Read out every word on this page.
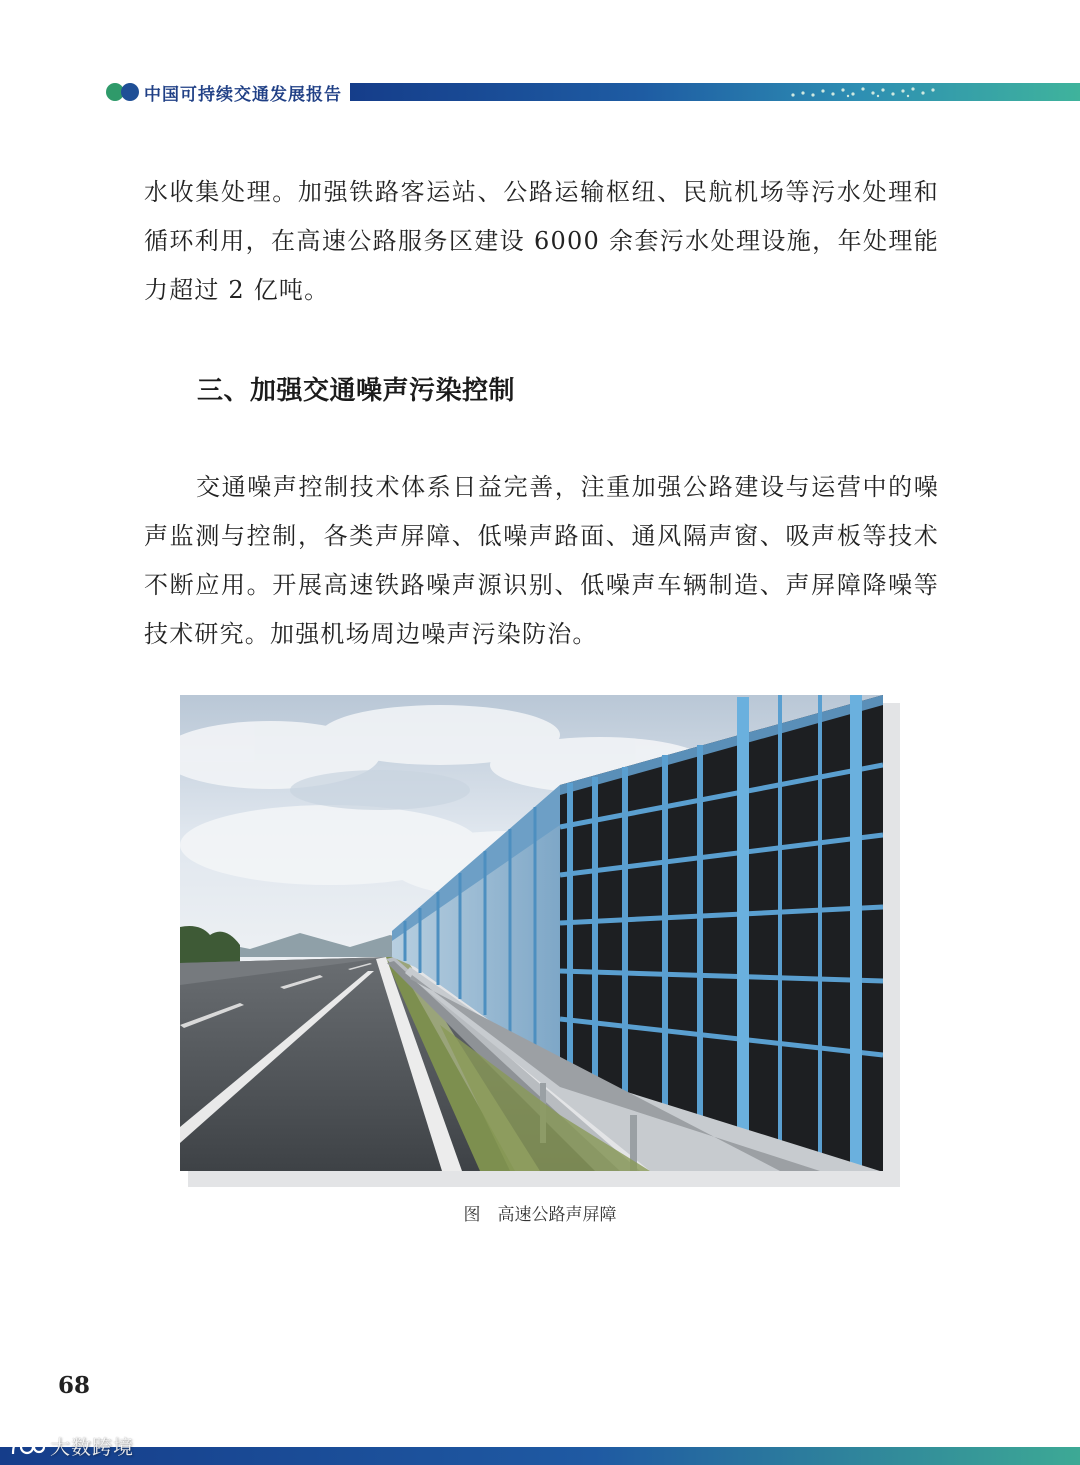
中国可持续交通发展报告

水收集处理。加强铁路客运站、公路运输枢纽、民航机场等污水处理和循环利用，在高速公路服务区建设 6000 余套污水处理设施，年处理能力超过 2 亿吨。

三、加强交通噪声污染控制

交通噪声控制技术体系日益完善，注重加强公路建设与运营中的噪声监测与控制，各类声屏障、低噪声路面、通风隔声窗、吸声板等技术不断应用。开展高速铁路噪声源识别、低噪声车辆制造、声屏障降噪等技术研究。加强机场周边噪声污染防治。

图　高速公路声屏障
68
大数跨境
